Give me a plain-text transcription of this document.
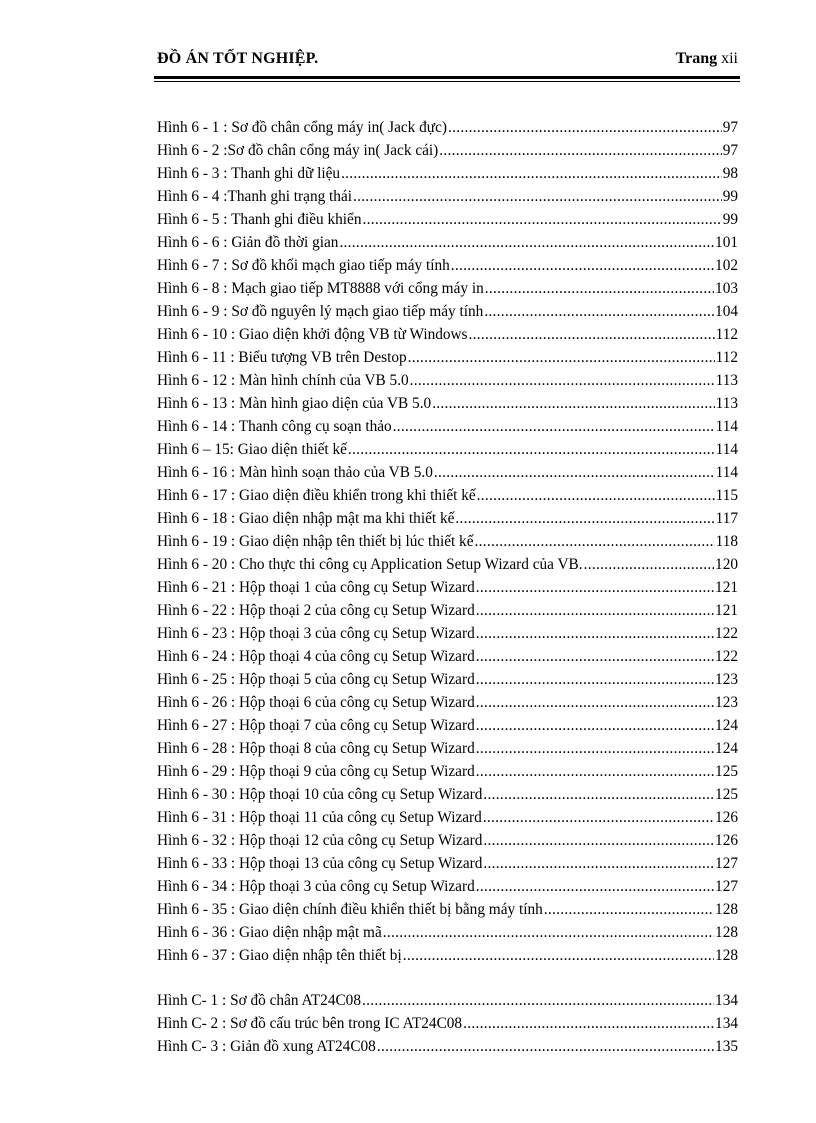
ĐỒ ÁN TỐT NGHIỆP.	Trang xii
Hình 6 - 1 : Sơ đồ chân cổng máy in( Jack đực) .....	97
Hình 6 - 2 :Sơ đồ chân cổng máy in( Jack cái) .....	97
Hình 6 - 3 : Thanh ghi dữ liệu .....	98
Hình 6 - 4 :Thanh ghi trạng thái .....	99
Hình 6 - 5 : Thanh ghi điều khiển .....	99
Hình 6 - 6 : Giản đồ thời gian .....	101
Hình 6 - 7 : Sơ đồ khối mạch giao tiếp máy tính .....	102
Hình 6 - 8 : Mạch giao tiếp MT8888 với cổng máy in .....	103
Hình 6 - 9 : Sơ đồ nguyên lý mạch giao tiếp máy tính .....	104
Hình 6 - 10 : Giao diện khởi động VB từ Windows .....	112
Hình 6 - 11 : Biểu tượng VB trên Destop .....	112
Hình 6 - 12 : Màn hình chính của VB 5.0 .....	113
Hình 6 - 13 : Màn hình giao diện của VB 5.0 .....	113
Hình 6 - 14 : Thanh công cụ soạn thảo .....	114
Hình 6 – 15: Giao diện thiết kế .....	114
Hình 6 - 16 : Màn hình soạn thảo của VB 5.0 .....	114
Hình 6 - 17 : Giao diện điều khiển trong khi thiết kế .....	115
Hình 6 - 18 : Giao diện nhập mật ma khi thiết kế .....	117
Hình 6 - 19 : Giao diện nhập tên thiết bị lúc thiết kế .....	118
Hình 6 - 20 : Cho thực thi công cụ Application Setup Wizard của VB. .....	120
Hình 6 - 21 : Hộp thoại 1 của công cụ Setup Wizard .....	121
Hình 6 - 22 : Hộp thoại 2 của công cụ Setup Wizard .....	121
Hình 6 - 23 : Hộp thoại 3 của công cụ Setup Wizard .....	122
Hình 6 - 24 : Hộp thoại 4 của công cụ Setup Wizard .....	122
Hình 6 - 25 : Hộp thoại 5 của công cụ Setup Wizard .....	123
Hình 6 - 26 : Hộp thoại 6 của công cụ Setup Wizard .....	123
Hình 6 - 27 : Hộp thoại 7 của công cụ Setup Wizard .....	124
Hình 6 - 28 : Hộp thoại 8 của công cụ Setup Wizard .....	124
Hình 6 - 29 : Hộp thoại 9 của công cụ Setup Wizard .....	125
Hình 6 - 30 : Hộp thoại 10 của công cụ Setup Wizard .....	125
Hình 6 - 31 : Hộp thoại 11 của công cụ Setup Wizard .....	126
Hình 6 - 32 : Hộp thoại 12 của công cụ Setup Wizard .....	126
Hình 6 - 33 : Hộp thoại 13 của công cụ Setup Wizard .....	127
Hình 6 - 34 : Hộp thoại 3 của công cụ Setup Wizard .....	127
Hình 6 - 35 : Giao diện chính điều khiển thiết bị bằng máy tính .....	128
Hình 6 - 36 : Giao diện nhập mật mã .....	128
Hình 6 - 37 : Giao diện nhập tên thiết bị .....	128
Hình C- 1 : Sơ đồ chân AT24C08 .....	134
Hình C- 2 : Sơ đồ cấu trúc bên trong IC AT24C08 .....	134
Hình C- 3 : Giản đồ xung AT24C08 .....	135
